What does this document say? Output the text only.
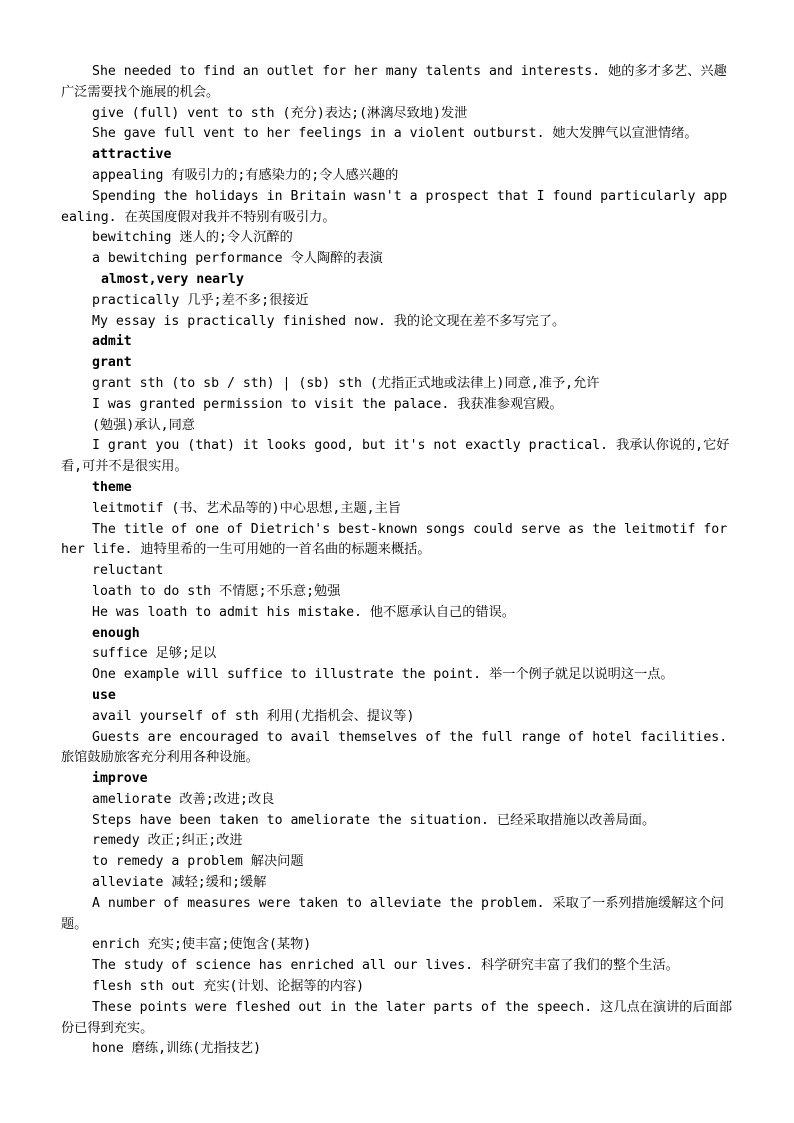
She needed to find an outlet for her many talents and interests. 她的多才多艺、兴趣广泛需要找个施展的机会。

give (full) vent to sth (充分)表达;(淋漓尽致地)发泄

She gave full vent to her feelings in a violent outburst. 她大发脾气以宣泄情绪。

attractive

appealing 有吸引力的;有感染力的;令人感兴趣的

Spending the holidays in Britain wasn't a prospect that I found particularly appealing. 在英国度假对我并不特别有吸引力。

bewitching 迷人的;令人沉醉的

a bewitching performance 令人陶醉的表演

almost,very nearly

practically 几乎;差不多;很接近

My essay is practically finished now. 我的论文现在差不多写完了。

admit

grant

grant sth (to sb / sth) | (sb) sth (尤指正式地或法律上)同意,准予,允许

I was granted permission to visit the palace. 我获准参观宫殿。

(勉强)承认,同意

I grant you (that) it looks good, but it's not exactly practical. 我承认你说的,它好看,可并不是很实用。

theme

leitmotif (书、艺术品等的)中心思想,主题,主旨

The title of one of Dietrich's best-known songs could serve as the leitmotif for her life. 迪特里希的一生可用她的一首名曲的标题来概括。

reluctant

loath to do sth 不情愿;不乐意;勉强

He was loath to admit his mistake. 他不愿承认自己的错误。

enough

suffice 足够;足以

One example will suffice to illustrate the point. 举一个例子就足以说明这一点。

use

avail yourself of sth 利用(尤指机会、提议等)

Guests are encouraged to avail themselves of the full range of hotel facilities. 旅馆鼓励旅客充分利用各种设施。

improve

ameliorate 改善;改进;改良

Steps have been taken to ameliorate the situation. 已经采取措施以改善局面。

remedy 改正;纠正;改进

to remedy a problem 解决问题

alleviate 减轻;缓和;缓解

A number of measures were taken to alleviate the problem. 采取了一系列措施缓解这个问题。

enrich 充实;使丰富;使饱含(某物)

The study of science has enriched all our lives. 科学研究丰富了我们的整个生活。

flesh sth out 充实(计划、论据等的内容)

These points were fleshed out in the later parts of the speech. 这几点在演讲的后面部份已得到充实。

hone 磨练,训练(尤指技艺)
